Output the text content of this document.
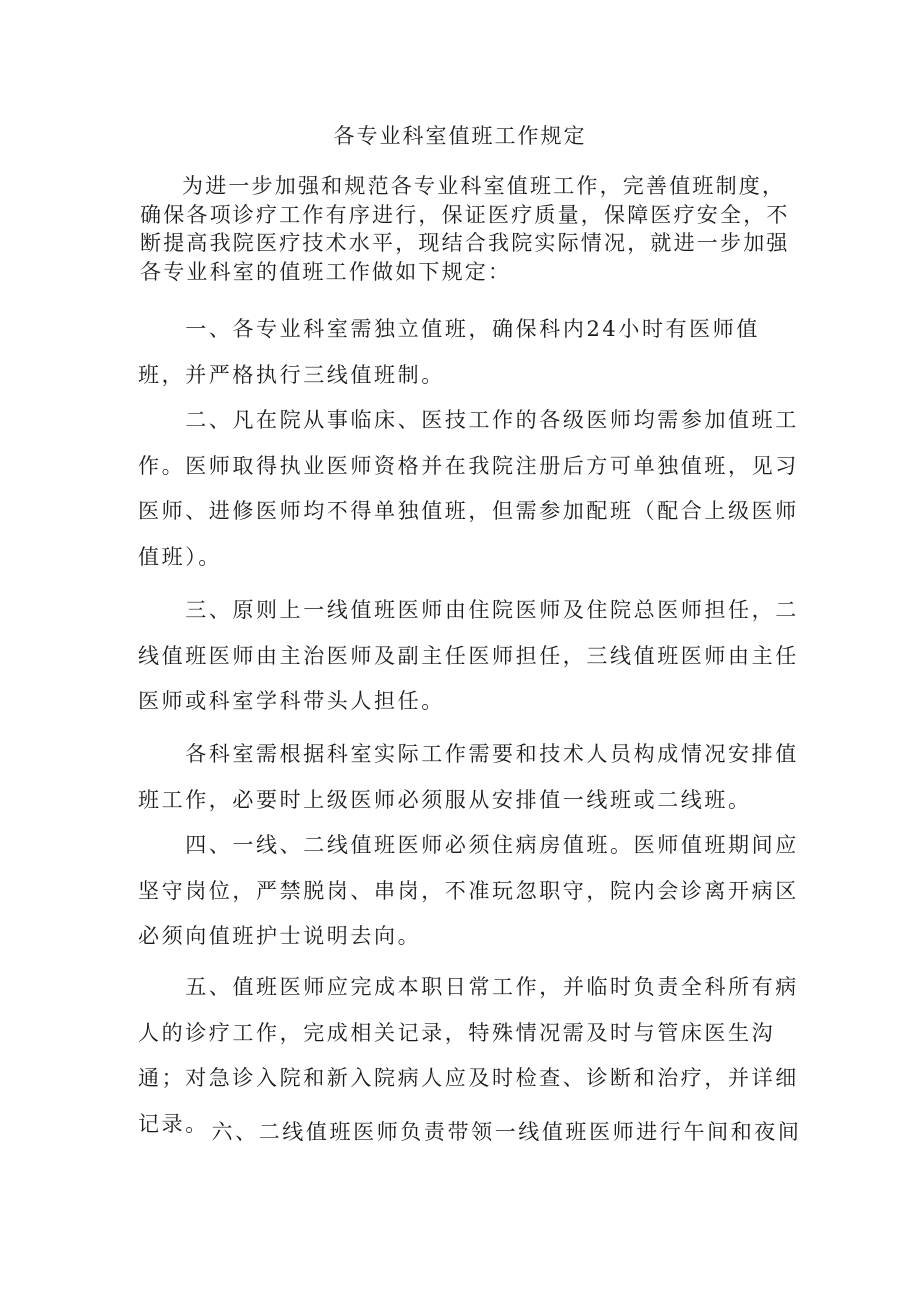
各专业科室值班工作规定

为进一步加强和规范各专业科室值班工作，完善值班制度，确保各项诊疗工作有序进行，保证医疗质量，保障医疗安全，不断提高我院医疗技术水平，现结合我院实际情况，就进一步加强各专业科室的值班工作做如下规定：

一、各专业科室需独立值班，确保科内24小时有医师值班，并严格执行三线值班制。

二、凡在院从事临床、医技工作的各级医师均需参加值班工作。医师取得执业医师资格并在我院注册后方可单独值班，见习医师、进修医师均不得单独值班，但需参加配班（配合上级医师值班）。

三、原则上一线值班医师由住院医师及住院总医师担任，二线值班医师由主治医师及副主任医师担任，三线值班医师由主任医师或科室学科带头人担任。

各科室需根据科室实际工作需要和技术人员构成情况安排值班工作，必要时上级医师必须服从安排值一线班或二线班。

四、一线、二线值班医师必须住病房值班。医师值班期间应坚守岗位，严禁脱岗、串岗，不准玩忽职守，院内会诊离开病区必须向值班护士说明去向。

五、值班医师应完成本职日常工作，并临时负责全科所有病人的诊疗工作，完成相关记录，特殊情况需及时与管床医生沟通；对急诊入院和新入院病人应及时检查、诊断和治疗，并详细记录。 六、二线值班医师负责带领一线值班医师进行午间和夜间
